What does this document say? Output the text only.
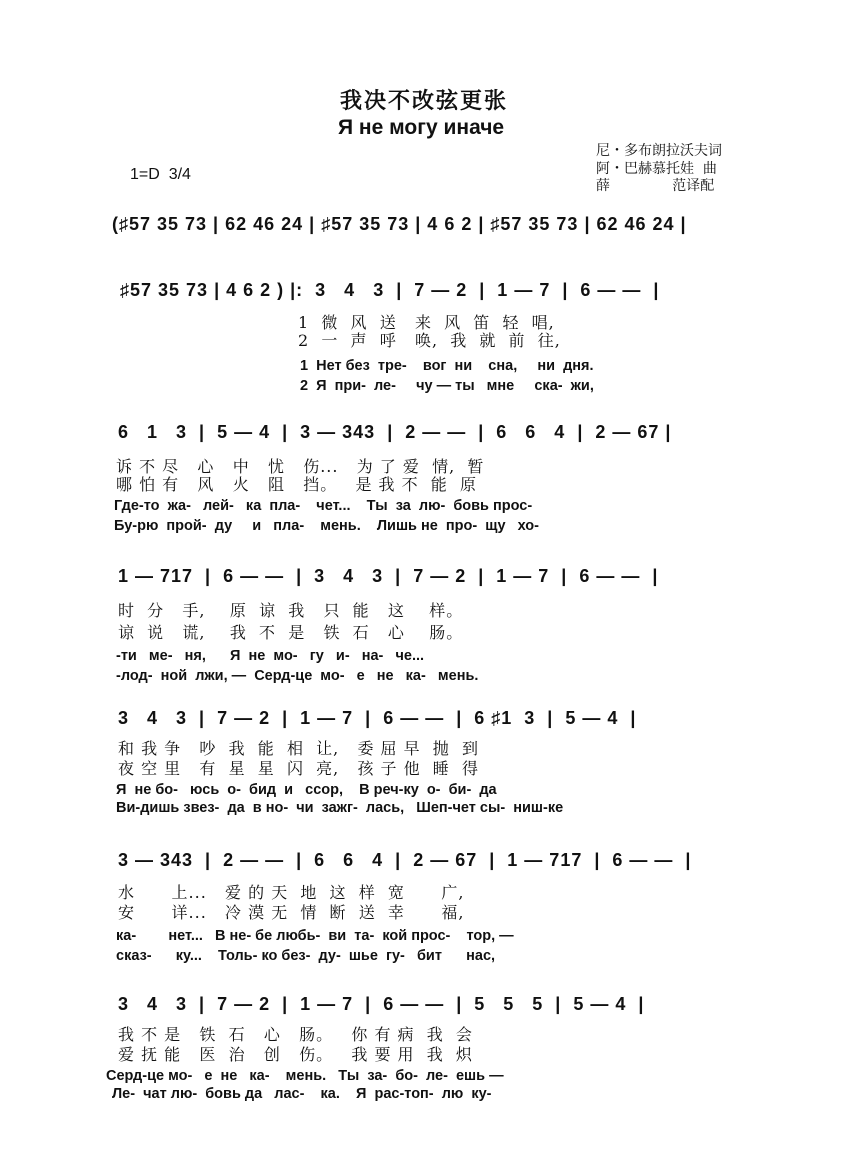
我决不改弦更张
Я не могу иначе
尼・多布朗拉沃夫词
阿・巴赫慕托娃  曲
薛              范译配
1=D  3/4
(♯57 35 73 | 62 46 24 | ♯57 35 73 | 4 6 2 | ♯57 35 73 | 62 46 24 |
♯57 35 73 | 4 6 2 ) |:  3   4   3  |  7 — 2  |  1 — 7  |  6 — —  |
1  微  风  送   来  风  笛  轻  唱,
2  一  声  呼   唤,  我  就  前  往,
1  Нет без  тре-    вог  ни    сна,     ни  дня.
2  Я  при-  ле-     чу — ты   мне     ска-  жи,
6   1   3  |  5 — 4  |  3 — 343  |  2 — —  |  6   6   4  |  2 — 67 |
诉 不 尽   心   中   忧   伤...   为 了 爱  情,  暂
哪 怕 有   风   火   阻   挡。   是 我 不  能  原
Где-то  жа-   лей-   ка  пла-    чет...    Ты  за  лю-  бовь прос-
Бу-рю  прой-  ду     и   пла-    мень.    Лишь не  про-  щу   хо-
1 — 717  |  6 — —  |  3   4   3  |  7 — 2  |  1 — 7  |  6 — —  |
时  分   手,    原  谅  我   只  能   这    样。
谅  说   谎,    我  不  是   铁  石   心    肠。
-ти   ме-   ня,      Я  не  мо-   гу   и-   на-   че...
-лод-  ной  лжи, —  Серд-це  мо-   е   не   ка-   мень.
3   4   3  |  7 — 2  |  1 — 7  |  6 — —  |  6 ♯1  3  |  5 — 4  |
和 我 争   吵  我  能  相  让,   委 屈 早  抛  到
夜 空 里   有  星  星  闪  亮,   孩 子 他  睡  得
Я  не бо-   юсь  о-  бид  и   ссор,    В реч-ку  о-  би-  да
Ви-дишь звез-  да  в но-  чи  зажг-  лась,   Шеп-чет сы-  ниш-ке
3 — 343  |  2 — —  |  6   6   4  |  2 — 67  |  1 — 717  |  6 — —  |
水      上...   爱 的 天  地  这  样  宽      广,
安      详...   冷 漠 无  情  断  送  幸      福,
ка-        нет...   В не- бе любь-  ви  та-  кой прос-    тор, —
сказ-      ку...    Толь- ко без-  ду-  шье  гу-   бит      нас,
3   4   3  |  7 — 2  |  1 — 7  |  6 — —  |  5   5   5  |  5 — 4  |
我 不 是   铁  石   心   肠。   你 有 病  我  会
爱 抚 能   医  治   创   伤。   我 要 用  我  炽
Серд-це мо-   е  не   ка-    мень.   Ты  за-  бо-  ле-  ешь —
Ле-  чат лю-  бовь да   лас-    ка.    Я  рас-топ-  лю  ку-
